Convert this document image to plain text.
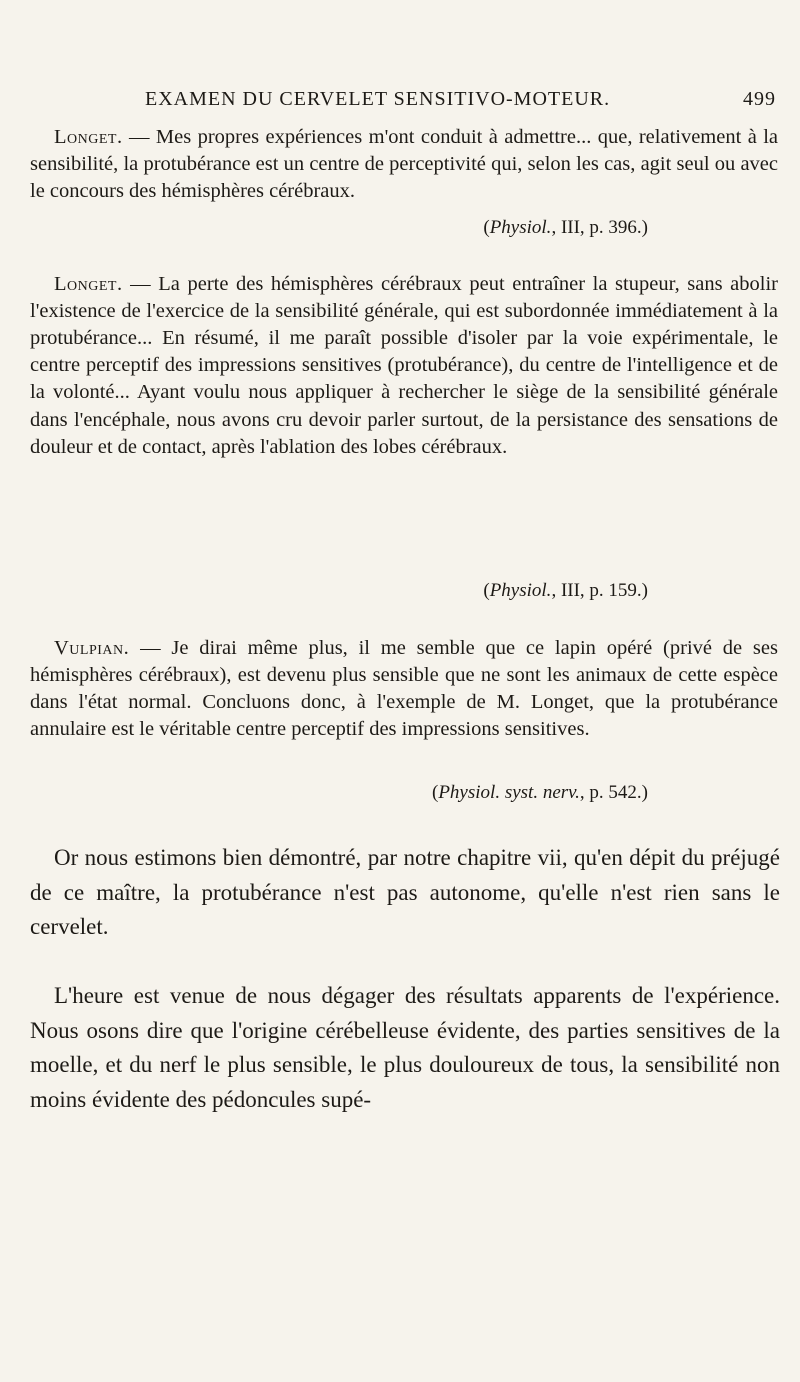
EXAMEN DU CERVELET SENSITIVO-MOTEUR.	499

Longet. — Mes propres expériences m'ont conduit à admettre... que, relativement à la sensibilité, la protubérance est un centre de perceptivité qui, selon les cas, agit seul ou avec le concours des hémisphères cérébraux.

(Physiol., III, p. 396.)

Longet. — La perte des hémisphères cérébraux peut entraîner la stupeur, sans abolir l'existence de l'exercice de la sensibilité générale, qui est subordonnée immédiatement à la protubérance... En résumé, il me paraît possible d'isoler par la voie expérimentale, le centre perceptif des impressions sensitives (protubérance), du centre de l'intelligence et de la volonté... Ayant voulu nous appliquer à rechercher le siège de la sensibilité générale dans l'encéphale, nous avons cru devoir parler surtout, de la persistance des sensations de douleur et de contact, après l'ablation des lobes cérébraux.

(Physiol., III, p. 159.)

Vulpian. — Je dirai même plus, il me semble que ce lapin opéré (privé de ses hémisphères cérébraux), est devenu plus sensible que ne sont les animaux de cette espèce dans l'état normal. Concluons donc, à l'exemple de M. Longet, que la protubérance annulaire est le véritable centre perceptif des impressions sensitives.

(Physiol. syst. nerv., p. 542.)

Or nous estimons bien démontré, par notre chapitre vii, qu'en dépit du préjugé de ce maître, la protubérance n'est pas autonome, qu'elle n'est rien sans le cervelet.

L'heure est venue de nous dégager des résultats apparents de l'expérience. Nous osons dire que l'origine cérébelleuse évidente, des parties sensitives de la moelle, et du nerf le plus sensible, le plus douloureux de tous, la sensibilité non moins évidente des pédoncules supé-
